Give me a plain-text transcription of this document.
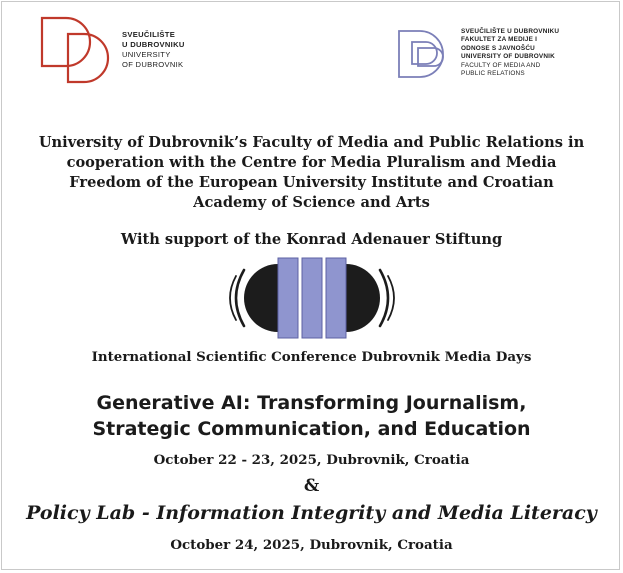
SVEUČILIŠTE
U DUBROVNIKU
UNIVERSITY
OF DUBROVNIK
SVEUČILIŠTE U DUBROVNIKU
FAKULTET ZA MEDIJE I
ODNOSE S JAVNOŠĆU
UNIVERSITY OF DUBROVNIK
FACULTY OF MEDIA AND
PUBLIC RELATIONS
University of Dubrovnik’s Faculty of Media and Public Relations in
cooperation with the Centre for Media Pluralism and Media
Freedom of the European University Institute and Croatian
Academy of Science and Arts
With support of the Konrad Adenauer Stiftung
International Scientific Conference Dubrovnik Media Days
Generative AI: Transforming Journalism,
Strategic Communication, and Education
October 22 - 23, 2025, Dubrovnik, Croatia
&
Policy Lab - Information Integrity and Media Literacy
October 24, 2025, Dubrovnik, Croatia
